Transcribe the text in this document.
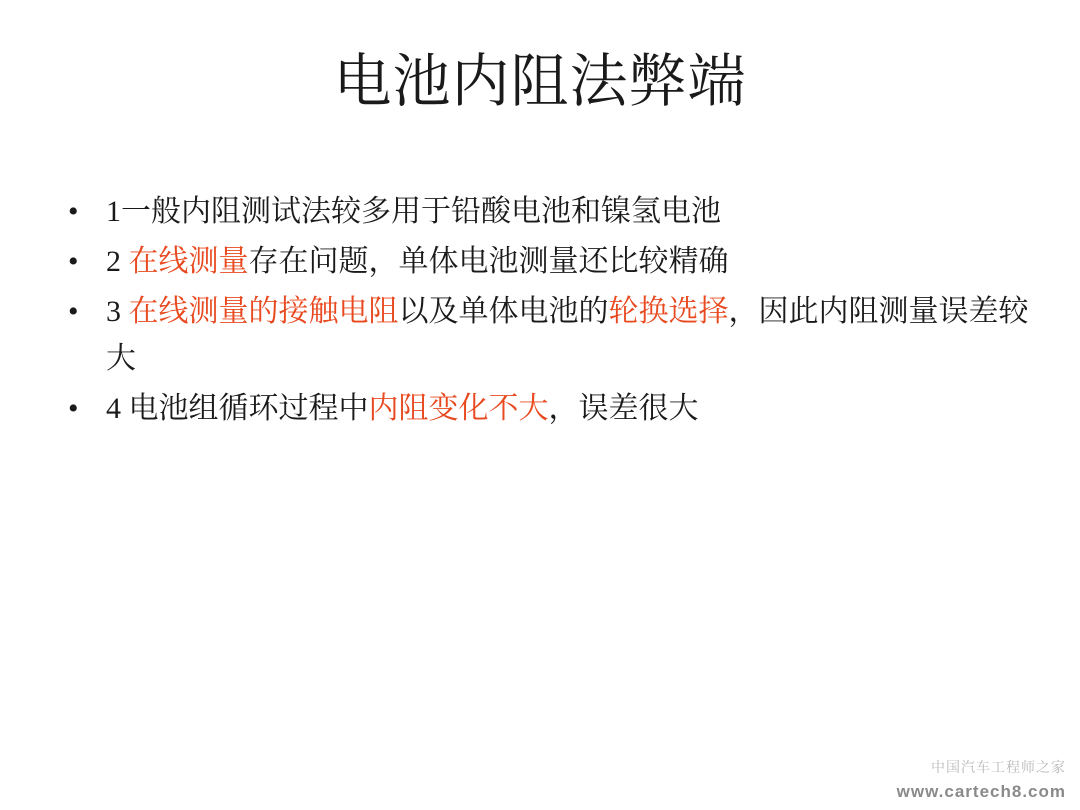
电池内阻法弊端
• 1一般内阻测试法较多用于铅酸电池和镍氢电池
• 2 在线测量存在问题，单体电池测量还比较精确
• 3 在线测量的接触电阻以及单体电池的轮换选择，因此内阻测量误差较大
• 4 电池组循环过程中内阻变化不大，误差很大
中国汽车工程师之家
www.cartech8.com
